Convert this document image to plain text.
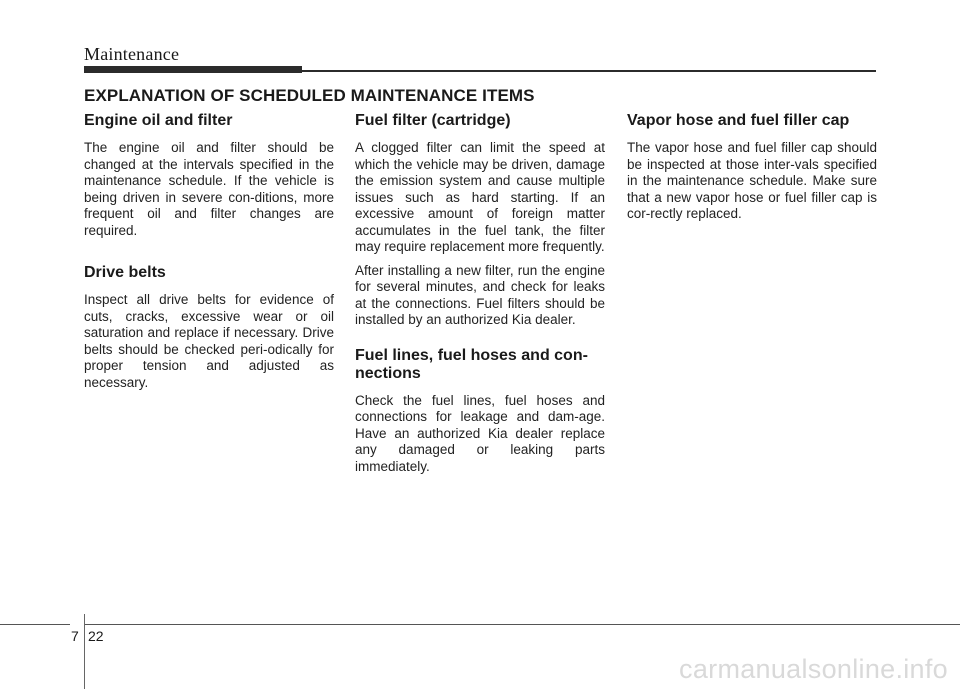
Maintenance
EXPLANATION OF SCHEDULED MAINTENANCE ITEMS
Engine oil and filter

The engine oil and filter should be changed at the intervals specified in the maintenance schedule. If the vehicle is being driven in severe con-ditions, more frequent oil and filter changes are required.

Drive belts

Inspect all drive belts for evidence of cuts, cracks, excessive wear or oil saturation and replace if necessary. Drive belts should be checked peri-odically for proper tension and adjusted as necessary.

Fuel filter (cartridge)

A clogged filter can limit the speed at which the vehicle may be driven, damage the emission system and cause multiple issues such as hard starting. If an excessive amount of foreign matter accumulates in the fuel tank, the filter may require replacement more frequently.

After installing a new filter, run the engine for several minutes, and check for leaks at the connections. Fuel filters should be installed by an authorized Kia dealer.

Fuel lines, fuel hoses and con-nections

Check the fuel lines, fuel hoses and connections for leakage and dam-age. Have an authorized Kia dealer replace any damaged or leaking parts immediately.

Vapor hose and fuel filler cap

The vapor hose and fuel filler cap should be inspected at those inter-vals specified in the maintenance schedule. Make sure that a new vapor hose or fuel filler cap is cor-rectly replaced.

7 22
carmanualsonline.info
